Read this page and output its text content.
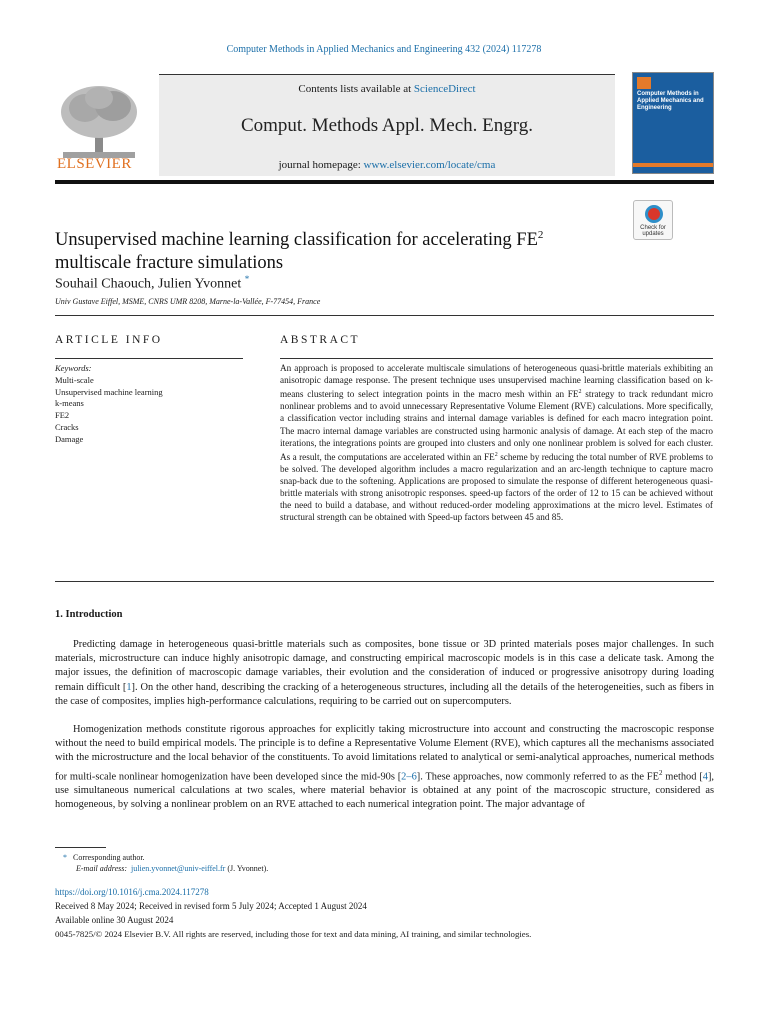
Computer Methods in Applied Mechanics and Engineering 432 (2024) 117278
ELSEVIER
Contents lists available at ScienceDirect
Comput. Methods Appl. Mech. Engrg.
journal homepage: www.elsevier.com/locate/cma
Computer Methods in Applied Mechanics and Engineering
Check for updates
Unsupervised machine learning classification for accelerating $FE^2$
multiscale fracture simulations
Souhail Chaouch, Julien Yvonnet *
Univ Gustave Eiffel, MSME, CNRS UMR 8208, Marne-la-Vallée, F-77454, France
ARTICLE INFO	ABSTRACT
Keywords:
Multi-scale
Unsupervised machine learning
k-means
FE2
Cracks
Damage
An approach is proposed to accelerate multiscale simulations of heterogeneous quasi-brittle materials exhibiting an anisotropic damage response. The present technique uses unsupervised machine learning classification based on k-means clustering to select integration points in the macro mesh within an $FE^2$ strategy to track redundant micro nonlinear problems and to avoid unnecessary Representative Volume Element (RVE) calculations. More specifically, a classification vector including strains and internal damage variables is defined for each macro integration point. The macro internal damage variables are constructed using harmonic analysis of damage. At each step of the macro iterations, the integrations points are grouped into clusters and only one nonlinear problem is solved for each cluster. As a result, the computations are accelerated within an $FE^2$ scheme by reducing the total number of RVE problems to be solved. The developed algorithm includes a macro regularization and an arc-length technique to capture macro snap-back due to the softening. Applications are proposed to simulate the response of different heterogeneous quasi-brittle materials with strong anisotropic responses. speed-up factors of the order of 12 to 15 can be achieved without the need to build a database, and without reduced-order modeling approximations at the micro level. Estimates of structural strength can be obtained with Speed-up factors between 45 and 85.
1. Introduction
Predicting damage in heterogeneous quasi-brittle materials such as composites, bone tissue or 3D printed materials poses major challenges. In such materials, microstructure can induce highly anisotropic damage, and constructing empirical macroscopic models is in this case a delicate task. Among the major issues, the definition of macroscopic damage variables, their evolution and the consideration of induced or progressive anisotropy during loading remain difficult [1]. On the other hand, describing the cracking of a heterogeneous structures, including all the details of the heterogeneities, such as fibers in the case of composites, implies high-performance calculations, requiring to be carried out on supercomputers.
Homogenization methods constitute rigorous approaches for explicitly taking microstructure into account and constructing the macroscopic response without the need to build empirical models. The principle is to define a Representative Volume Element (RVE), which captures all the mechanisms associated with the microstructure and the local behavior of the constituents. To avoid limitations related to analytical or semi-analytical approaches, numerical methods for multi-scale nonlinear homogenization have been developed since the mid-90s [2–6]. These approaches, now commonly referred to as the $FE^2$ method [4], use simultaneous numerical calculations at two scales, where material behavior is obtained at any point of the macroscopic structure, considered as homogeneous, by solving a nonlinear problem on an RVE attached to each numerical integration point. The major advantage of
* Corresponding author.
E-mail address: julien.yvonnet@univ-eiffel.fr (J. Yvonnet).
https://doi.org/10.1016/j.cma.2024.117278
Received 8 May 2024; Received in revised form 5 July 2024; Accepted 1 August 2024
Available online 30 August 2024
0045-7825/© 2024 Elsevier B.V. All rights are reserved, including those for text and data mining, AI training, and similar technologies.
